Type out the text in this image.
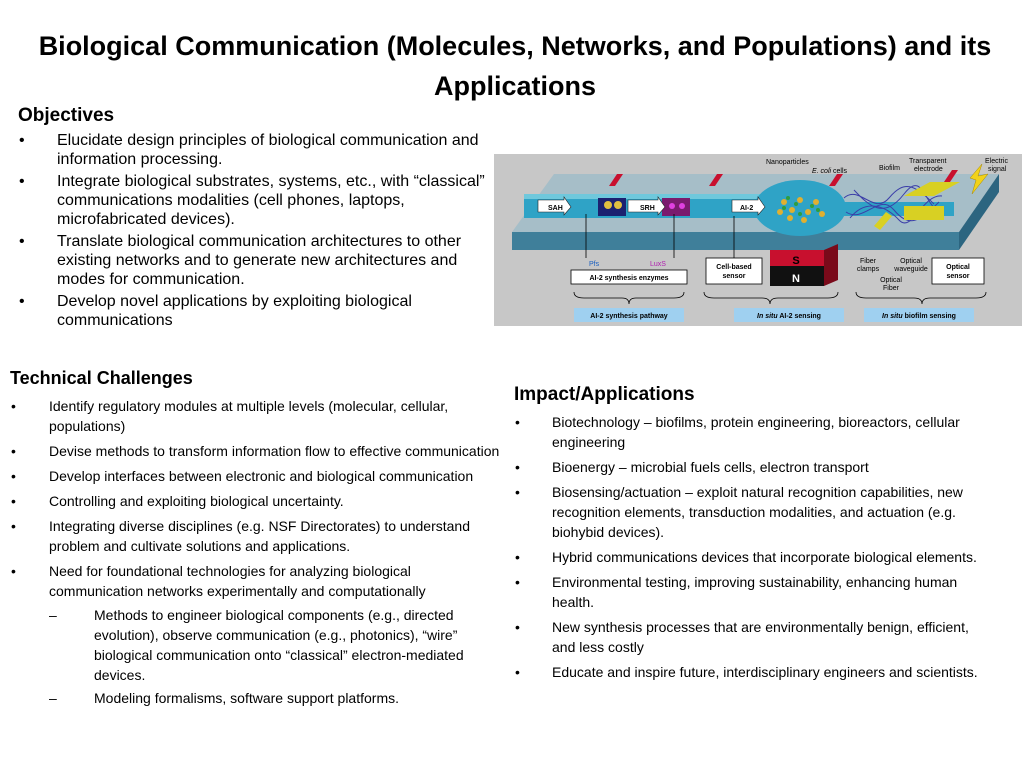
Biological Communication (Molecules, Networks, and Populations) and its Applications
Objectives
• Elucidate design principles of biological communication and information processing.
• Integrate biological substrates, systems, etc., with “classical” communications modalities (cell phones, laptops, microfabricated devices).
• Translate biological communication architectures to other existing networks and to generate new architectures and modes for communication.
• Develop novel applications by exploiting biological communications
SAH	SRH	AI-2
Nanoparticles
E. coli cells	Biofilm
Transparent
electrode
Electric
signal
Pfs	LuxS
AI-2 synthesis enzymes
Cell-based
sensor
S
N
Fiber
clamps
Optical
waveguide
Optical
Fiber
Optical
sensor
AI-2 synthesis pathway	In situ AI-2 sensing	In situ biofilm sensing
Technical Challenges
• Identify regulatory modules at multiple levels (molecular, cellular, populations)
• Devise methods to transform information flow to effective communication
• Develop interfaces between electronic and biological communication
• Controlling and exploiting biological uncertainty.
• Integrating diverse disciplines (e.g. NSF Directorates) to understand problem and cultivate solutions and applications.
• Need for foundational technologies for analyzing biological communication networks experimentally and computationally
– Methods to engineer biological components (e.g., directed evolution), observe communication (e.g., photonics), “wire” biological communication onto “classical” electron-mediated devices.
– Modeling formalisms, software support platforms.
Impact/Applications
• Biotechnology – biofilms, protein engineering, bioreactors, cellular engineering
• Bioenergy – microbial fuels cells, electron transport
• Biosensing/actuation – exploit natural recognition capabilities, new recognition elements, transduction modalities, and actuation (e.g. biohybid devices).
• Hybrid communications devices that incorporate biological elements.
• Environmental testing, improving sustainability, enhancing human health.
• New synthesis processes that are environmentally benign, efficient, and less costly
• Educate and inspire future, interdisciplinary engineers and scientists.
